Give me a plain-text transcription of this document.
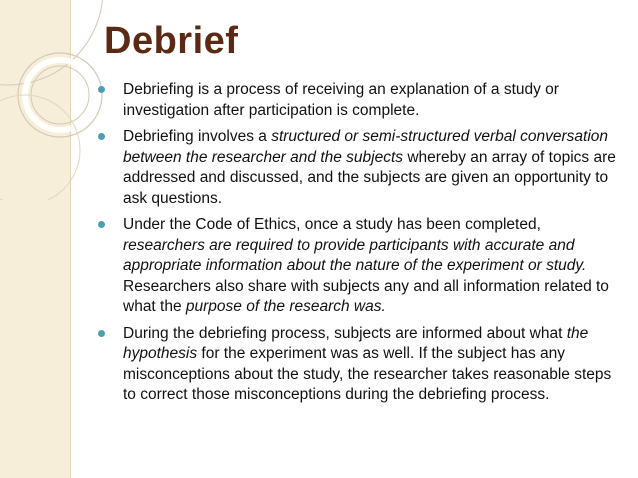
Debrief
Debriefing is a process of receiving an explanation of a study or investigation after participation is complete.
Debriefing involves a structured or semi-structured verbal conversation between the researcher and the subjects whereby an array of topics are addressed and discussed, and the subjects are given an opportunity to ask questions.
Under the Code of Ethics, once a study has been completed, researchers are required to provide participants with accurate and appropriate information about the nature of the experiment or study. Researchers also share with subjects any and all information related to what the purpose of the research was.
During the debriefing process, subjects are informed about what the hypothesis for the experiment was as well. If the subject has any misconceptions about the study, the researcher takes reasonable steps to correct those misconceptions during the debriefing process.
